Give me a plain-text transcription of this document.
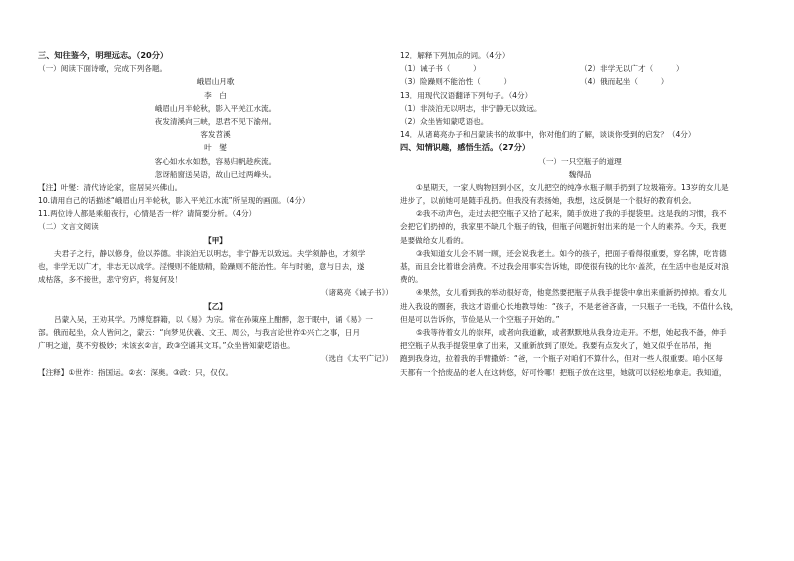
三、知往鉴今，明理远志。（20分）
（一）阅读下面诗歌，完成下列各题。
峨眉山月歌
李　白
峨眉山月半轮秋，影入平羌江水流。
夜发清溪向三峡，思君不见下渝州。
客发苕溪
叶　燮
客心如水水如愁，容易归帆趁疾流。
忽讶船窗送吴语，故山已过两峰头。
【注】叶燮：清代诗论家，宦居吴兴佛山。
10.请用自己的话描述“峨眉山月半轮秋，影入平羌江水流”所呈现的画面。（4分）
11.两位诗人都是乘船夜行，心情是否一样？请简要分析。（4分）
（二）文言文阅读
【甲】
夫君子之行，静以修身，俭以养德。非淡泊无以明志，非宁静无以致远。夫学须静也，才须学
也，非学无以广才，非志无以成学。淫慢则不能励精，险躁则不能治性。年与时驰，意与日去，遂
成枯落，多不接世，悲守穷庐，将复何及！
（诸葛亮《诫子书》）
【乙】
吕蒙入吴，王劝其学。乃博览群籍，以《易》为宗。常在孙策座上酣醉，忽于眠中，诵《易》一
部。俄而起坐，众人皆问之，蒙云：“向梦见伏羲、文王、周公，与我言论世祚①兴亡之事，日月
广明之道，莫不穷极妙；未该玄②言，政③空诵其文耳。”众坐皆知蒙呓语也。
（选自《太平广记》）
【注释】①世祚：指国运。②玄：深奥。③政：只，仅仅。
12．解释下列加点的词。（4分）
（1）诫子书（　　　）	（2）非学无以广才（　　　）
（3）险躁则不能治性（　　　）	（4）俄而起坐（　　　）
13．用现代汉语翻译下列句子。（4分）
（1）非淡泊无以明志，非宁静无以致远。
（2）众坐皆知蒙呓语也。
14．从诸葛亮办子和吕蒙读书的故事中，你对他们的了解，谈谈你受到的启发？（4分）
四、知情识趣，感悟生活。（27分）
（一）一只空瓶子的道理
魏得品
①星期天，一家人购物回到小区，女儿把空的纯净水瓶子顺手扔到了垃圾箱旁。13岁的女儿是
进步了，以前她可是随手乱扔。但我没有表扬她，我想，这反倒是一个很好的教育机会。
②我不动声色，走过去把空瓶子又拾了起来，随手放进了我的手提袋里。这是我的习惯，我不
会把它们扔掉的，我家里不缺几个瓶子的钱，但瓶子问题折射出来的是一个人的素养。今天，我更
是要做给女儿看的。
③我知道女儿会不屑一顾，还会说我老土。如今的孩子，把面子看得很重要，穿名牌，吃肯德
基，而且会比着谁会消费。不过我会用事实告诉她，即使很有钱的比尔·盖茨，在生活中也是反对浪
费的。
④果然，女儿看到我的举动很好奇，他竟然要把瓶子从我手提袋中拿出来重新扔掉掉。看女儿
进入我设的圈套，我这才语重心长地教导她：“孩子，不是老爸吝啬，一只瓶子一毛钱，不值什么钱，
但是可以告诉你，节俭是从一个空瓶子开始的。”
⑤我等待着女儿的崇拜，或者向我道歉，或者默默地从我身边走开。不想，她起我不备，伸手
把空瓶子从我手提袋里拿了出来，又重新放到了原处。我要有点发火了，她又似乎在吊吊，拖
跑到我身边，拉着我的手臂撒娇：“爸，一个瓶子对咱们不算什么，但对一些人很重要。咱小区每
天都有一个拾废品的老人在这转悠，好可怜哪！把瓶子放在这里，她就可以轻松地拿走。我知道，
